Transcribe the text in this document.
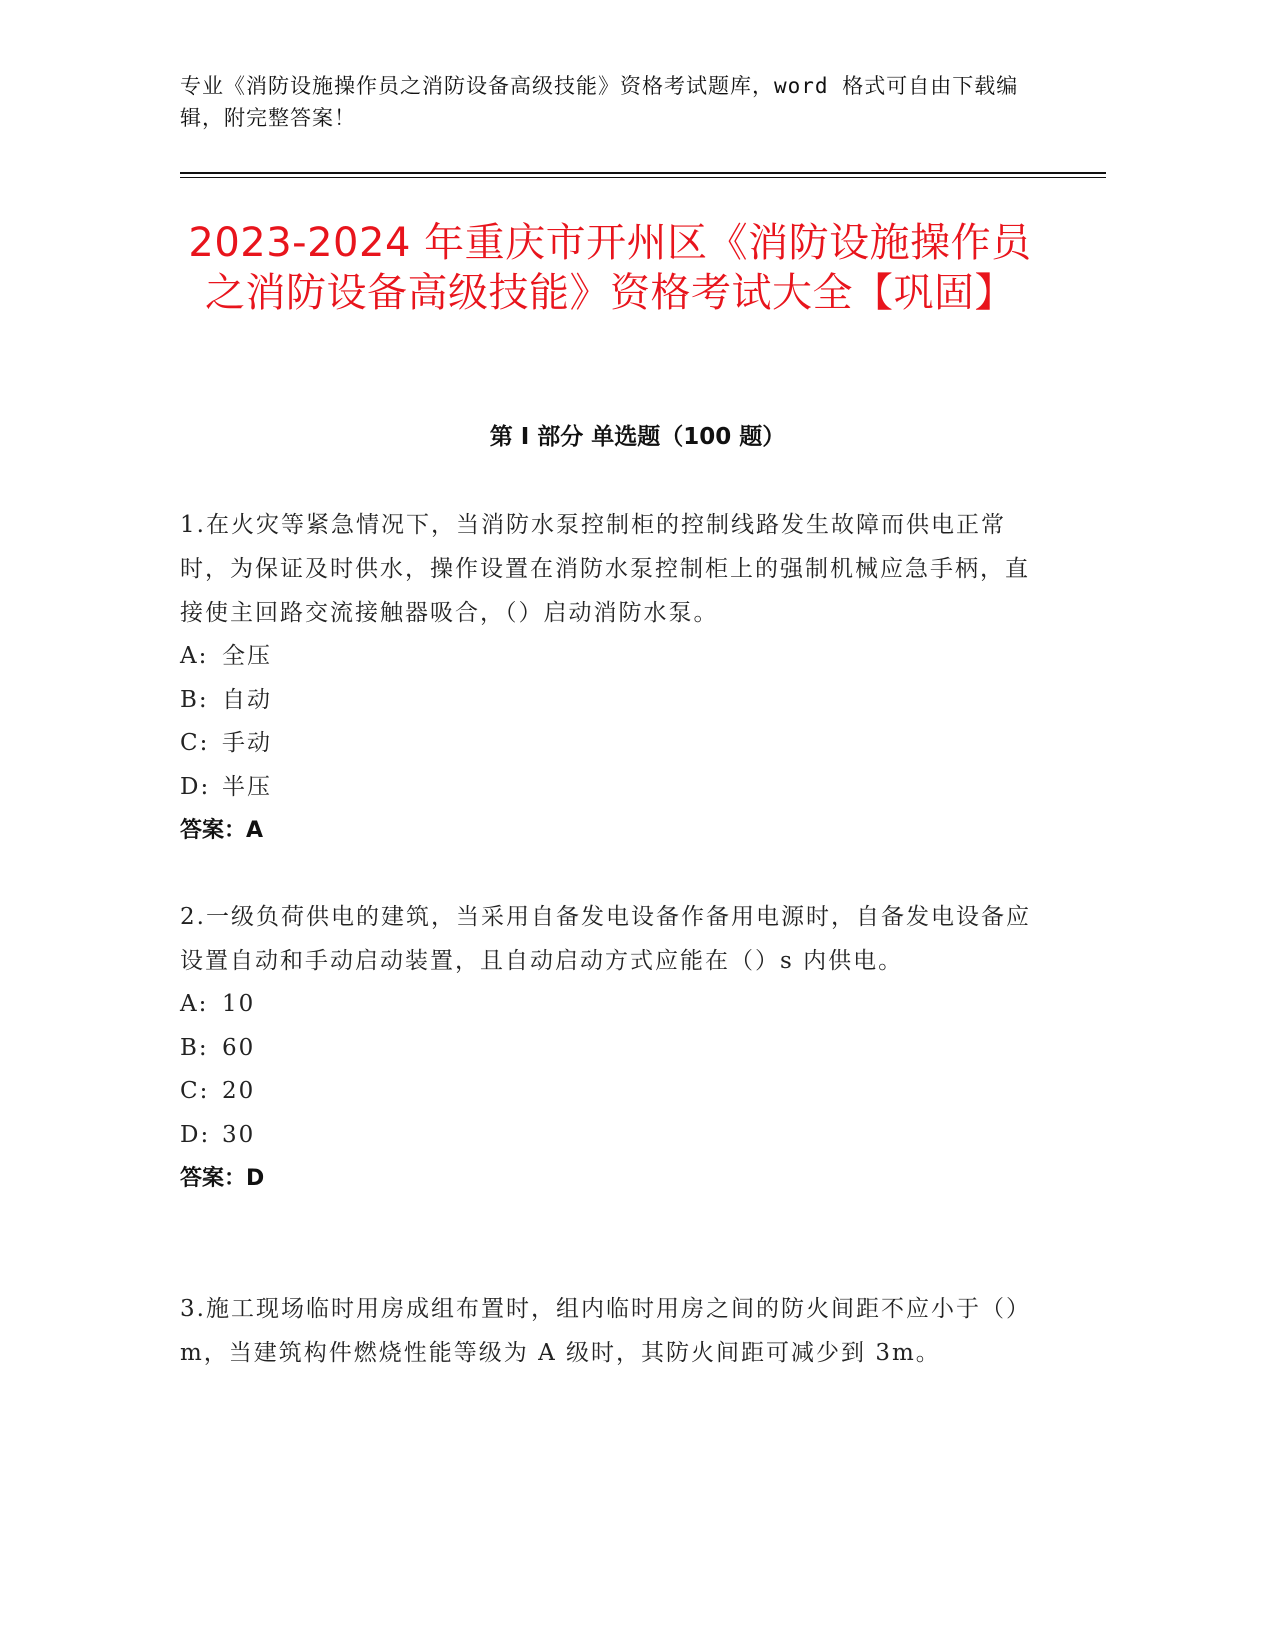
专业《消防设施操作员之消防设备高级技能》资格考试题库，word 格式可自由下载编辑，附完整答案！
2023-2024 年重庆市开州区《消防设施操作员之消防设备高级技能》资格考试大全【巩固】
第 I 部分 单选题（100 题）
1.在火灾等紧急情况下，当消防水泵控制柜的控制线路发生故障而供电正常时，为保证及时供水，操作设置在消防水泵控制柜上的强制机械应急手柄，直接使主回路交流接触器吸合，（）启动消防水泵。
A: 全压
B: 自动
C: 手动
D: 半压
答案：A
2.一级负荷供电的建筑，当采用自备发电设备作备用电源时，自备发电设备应设置自动和手动启动装置，且自动启动方式应能在（）s 内供电。
A: 10
B: 60
C: 20
D: 30
答案：D
3.施工现场临时用房成组布置时，组内临时用房之间的防火间距不应小于（）m，当建筑构件燃烧性能等级为 A 级时，其防火间距可减少到 3m。
